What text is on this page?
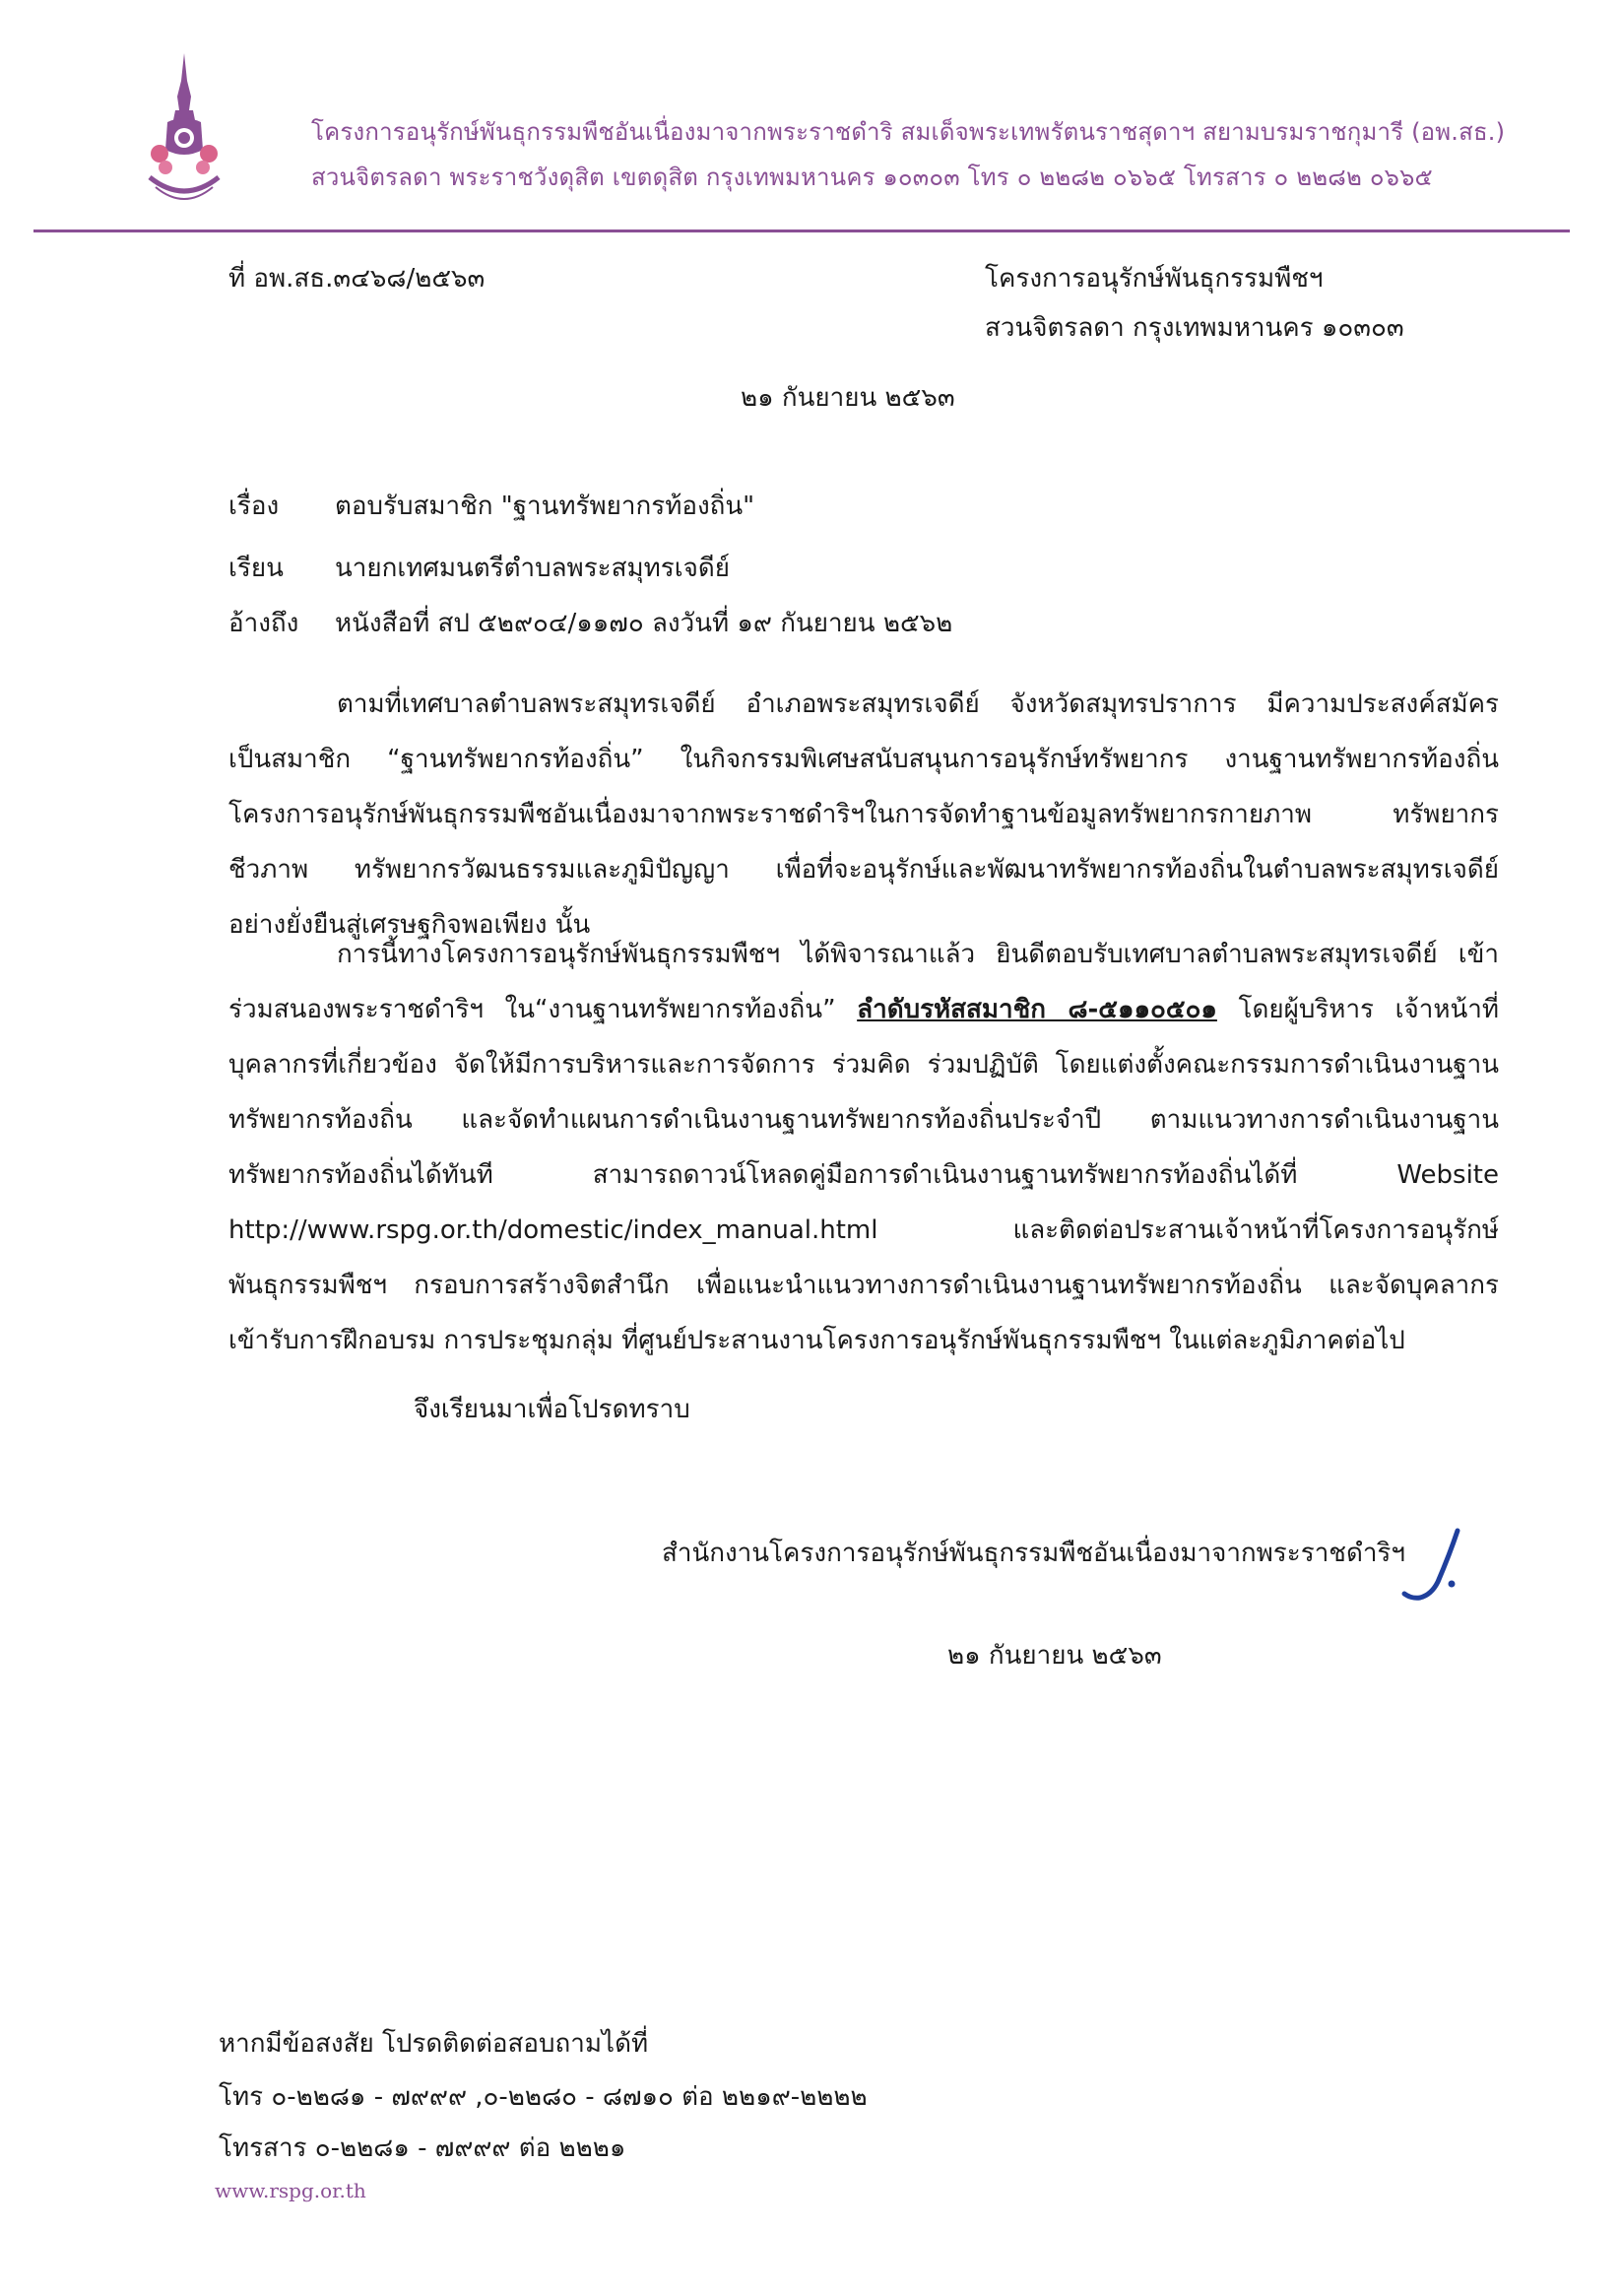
โครงการอนุรักษ์พันธุกรรมพืชอันเนื่องมาจากพระราชดำริ สมเด็จพระเทพรัตนราชสุดาฯ สยามบรมราชกุมารี (อพ.สธ.)
สวนจิตรลดา พระราชวังดุสิต เขตดุสิต กรุงเทพมหานคร ๑๐๓๐๓ โทร ๐ ๒๒๘๒ ๐๖๖๕ โทรสาร ๐ ๒๒๘๒ ๐๖๖๕
ที่ อพ.สธ.๓๔๖๘/๒๕๖๓	โครงการอนุรักษ์พันธุกรรมพืชฯ
สวนจิตรลดา กรุงเทพมหานคร ๑๐๓๐๓
๒๑ กันยายน ๒๕๖๓
เรื่อง ตอบรับสมาชิก "ฐานทรัพยากรท้องถิ่น"
เรียน นายกเทศมนตรีตำบลพระสมุทรเจดีย์
อ้างถึง หนังสือที่ สป ๕๒๙๐๔/๑๑๗๐ ลงวันที่ ๑๙ กันยายน ๒๕๖๒
ตามที่เทศบาลตำบลพระสมุทรเจดีย์ อำเภอพระสมุทรเจดีย์ จังหวัดสมุทรปราการ มีความประสงค์สมัคร
เป็นสมาชิก “ฐานทรัพยากรท้องถิ่น” ในกิจกรรมพิเศษสนับสนุนการอนุรักษ์ทรัพยากร งานฐานทรัพยากรท้องถิ่น
โครงการอนุรักษ์พันธุกรรมพืชอันเนื่องมาจากพระราชดำริฯในการจัดทำฐานข้อมูลทรัพยากรกายภาพ ทรัพยากร
ชีวภาพ ทรัพยากรวัฒนธรรมและภูมิปัญญา เพื่อที่จะอนุรักษ์และพัฒนาทรัพยากรท้องถิ่นในตำบลพระสมุทรเจดีย์
อย่างยั่งยืนสู่เศรษฐกิจพอเพียง นั้น
การนี้ทางโครงการอนุรักษ์พันธุกรรมพืชฯ ได้พิจารณาแล้ว ยินดีตอบรับเทศบาลตำบลพระสมุทรเจดีย์ เข้า
ร่วมสนองพระราชดำริฯ ใน“งานฐานทรัพยากรท้องถิ่น” ลำดับรหัสสมาชิก ๘-๕๑๑๐๕๐๑ โดยผู้บริหาร เจ้าหน้าที่
บุคลากรที่เกี่ยวข้อง จัดให้มีการบริหารและการจัดการ ร่วมคิด ร่วมปฏิบัติ โดยแต่งตั้งคณะกรรมการดำเนินงานฐาน
ทรัพยากรท้องถิ่น และจัดทำแผนการดำเนินงานฐานทรัพยากรท้องถิ่นประจำปี ตามแนวทางการดำเนินงานฐาน
ทรัพยากรท้องถิ่นได้ทันที สามารถดาวน์โหลดคู่มือการดำเนินงานฐานทรัพยากรท้องถิ่นได้ที่ Website
http://www.rspg.or.th/domestic/index_manual.html และติดต่อประสานเจ้าหน้าที่โครงการอนุรักษ์
พันธุกรรมพืชฯ กรอบการสร้างจิตสำนึก เพื่อแนะนำแนวทางการดำเนินงานฐานทรัพยากรท้องถิ่น และจัดบุคลากร
เข้ารับการฝึกอบรม การประชุมกลุ่ม ที่ศูนย์ประสานงานโครงการอนุรักษ์พันธุกรรมพืชฯ ในแต่ละภูมิภาคต่อไป
จึงเรียนมาเพื่อโปรดทราบ
สำนักงานโครงการอนุรักษ์พันธุกรรมพืชอันเนื่องมาจากพระราชดำริฯ
๒๑ กันยายน ๒๕๖๓
หากมีข้อสงสัย โปรดติดต่อสอบถามได้ที่
โทร ๐-๒๒๘๑ - ๗๙๙๙ ,๐-๒๒๘๐ - ๘๗๑๐ ต่อ ๒๒๑๙-๒๒๒๒
โทรสาร ๐-๒๒๘๑ - ๗๙๙๙ ต่อ ๒๒๒๑
www.rspg.or.th
